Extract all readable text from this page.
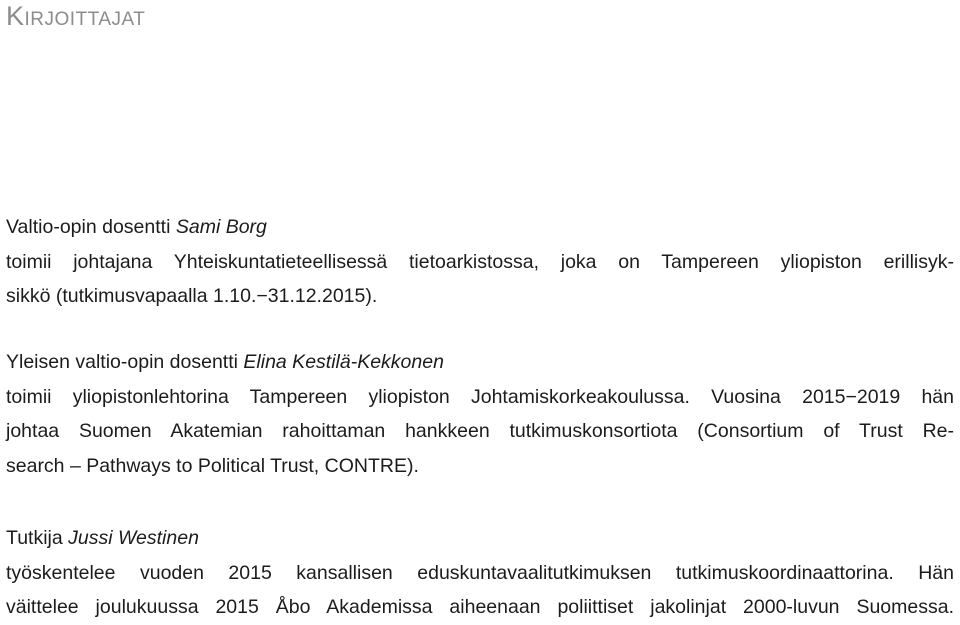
Kirjoittajat
Valtio-opin dosentti Sami Borg
toimii johtajana Yhteiskuntatieteellisessä tietoarkistossa, joka on Tampereen yliopiston erillisyk-
sikkö (tutkimusvapaalla 1.10.−31.12.2015).
Yleisen valtio-opin dosentti Elina Kestilä-Kekkonen
toimii yliopistonlehtorina Tampereen yliopiston Johtamiskorkeakoulussa. Vuosina 2015−2019 hän
johtaa Suomen Akatemian rahoittaman hankkeen tutkimuskonsortiota (Consortium of Trust Re-
search – Pathways to Political Trust, CONTRE).
Tutkija Jussi Westinen
työskentelee vuoden 2015 kansallisen eduskuntavaalitutkimuksen tutkimuskoordinaattorina. Hän
väittelee joulukuussa 2015 Åbo Akademissa aiheenaan poliittiset jakolinjat 2000-luvun Suomessa.
